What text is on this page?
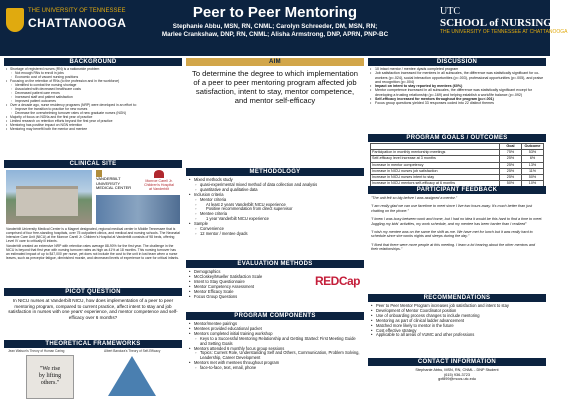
THE UNIVERSITY OF TENNESSEE
CHATTANOOGA
Peer to Peer Mentoring
Stephanie Abbu, MSN, RN, CNML; Carolyn Schreeder, DM, MSN, RN;
Marlee Crankshaw, DNP, RN, CNML; Alisha Armstrong, DNP, APRN, PNP-BC
UTC
SCHOOL of NURSING
THE UNIVERSITY OF TENNESSEE AT CHATTANOOGA
BACKGROUND
• Shortage of registered nurses (RN) is a nationwide problem
◦ Not enough RNs to enroll in jobs
◦ Economic cost of vacant nursing positions
• Focusing on the retention of RNs (to the profession and in the workforce)
◦ Identified to combat the nursing shortage
◦ Associated with decreased healthcare costs
◦ Decreased patient care errors
◦ Increased staff and patient satisfaction
◦ Improved patient outcomes
• Over a decade ago, nurse residency programs (NRP) were developed in an effort to:
◦ Improve the transition to practice for new nurses
◦ Decrease the overwhelming turnover rates of new graduate nurses (NGN)
• Majority of focus on NGNs and the first year of practice
• Limited research on retention efforts beyond the first year of practice
• Mentoring has positive impact on NGN retention
• Mentoring may benefit both the mentor and mentee
CLINICAL SITE

VANDERBILT
UNIVERSITY
MEDICAL CENTER
Monroe Carell Jr.
Children's Hospital
at Vanderbilt

Vanderbilt University Medical Center is a Magnet designated, regional medical center in Middle Tennessee that is comprised of four free-standing hospitals, over 75 outpatient clinics, and medical and nursing schools. The Neonatal Intensive Care Unit (NICU) at the Monroe Carell Jr. Children's Hospital at Vanderbilt consists of 98 beds, offering Level IV care to critically ill infants.

Vanderbilt created an extensive NRP with retention rates average 88-90% for the first year. The challenge in the NICU is beyond that first year with nursing turnover rates as high as 41% at 18 months. This nursing turnover has an estimated impact of up to $47,000 per nurse, yet does not include the cost to the unit in lost team when a nurse leaves, such as preceptor fatigue, diminished morale, and decreased levels of experience to care for critical infants.

PICOT QUESTION
In NICU nurses at Vanderbilt NICU, how does implementation of a peer to peer mentoring program, compared to current practice, affect intent to stay and job satisfaction in nurses with one years' experience, and mentor competence and self-efficacy over 6 months?
THEORETICAL FRAMEWORKS
Jean Watson's Theory of Human Caring	Albert Bandura's Theory of Self-Efficacy
"We rise
by lifting
others."
AIM
To determine the degree to which implementation of a peer to peer mentoring program affected job satisfaction, intent to stay, mentor competence, and mentor self-efficacy
METHODOLOGY
• Mixed methods study
◦ quasi-experimental mixed method of data collection and analysis
◦ quantitative and qualitative data
• Inclusion criteria
◦ Mentor criteria
◦ At least 2 years Vanderbilt NICU experience
◦ Positive recommendation from direct supervisor
◦ Mentee criteria
◦ 1 year Vanderbilt NICU experience
• Sample
◦ Convenience
◦ 12 mentor / mentee dyads
EVALUATION METHODS
REDCap
• Demographics
• McCloskey/Mueller Satisfaction Scale
• Intent to Stay Questionnaire
• Mentor Competency Assessment
• Mentor Efficacy Scale
• Focus Group Questions
PROGRAM COMPONENTS
• Mentor/mentee pairings
• Mentees provided educational packet
• Mentors completed initial training workshop
◦ Keys to a Successful Mentoring Relationship and Getting Started: First Meeting Guide and Setting Goals
• Mentors attended 6 monthly focus group sessions
◦ Topics: Current Role, Understanding Self and Others, Communication, Problem Solving, Leadership, Career Development
• Mentors met with mentees throughout program
◦ face-to-face, text, email, phone
DISCUSSION
• 10 intact mentor / mentee dyads completed program
• Job satisfaction increased for mentees in all subscales, the difference was statistically significant for co-workers (p=.024), social interaction opportunities (p=.003), professional opportunities (p=.005), and praise and recognition (p=.004)
• Impact on intent to stay reported by mentees (60%)
• Mentor competence increased in all subscales, the difference was statistically significant except for developing a trusting relationship (p=.169) and helping establish a work/life balance (p=.092)
• Self-efficacy increased for mentors throughout the program (p=<.001)
• Focus group questions yielded 33 responses coded into 22 distinct themes
PROGRAM GOALS / OUTCOMES
	Goal	Outcome
Participation in monthly mentorship meetings	75%	53%
Self-efficacy level increase at 3 months	25%	6%
Increase in mentor competency	25%	13%
Increase in NICU nurses job satisfaction	25%	11%
Increase in NICU nurses intent to stay	25%	50%
Increase in NICU mentors self-efficacy at 6 months	50%	10%
PARTICIPANT FEEDBACK

"The unit felt so big before I was assigned a mentor."

"I am really glad we can use facetime to meet since I live two hours away. It's much better than just chatting on the phone."

"I knew I was busy between work and home, but I had no idea it would be this hard to find a time to meet. Juggling my kids' activities, my work schedule, and my mentee has been harder than I realized"

"I wish my mentee was on the same the shift as me. We have met for lunch but it was really hard to schedule since she works nights and sleeps during the day."

"I liked that there were more people at this meeting. I learn a lot hearing about the other mentors and their relationships."

RECOMMENDATIONS
• Peer to Peer Mentor Program increases job satisfaction and intent to stay
• Development of Mentor Coordinator position
• Use of onboarding process changes to include mentoring
• Mentoring as part of clinical ladder advancement
• Matched more likely to mentor in the future
• Cost effective strategy
• Applicable to all areas of VUMC and other professions
CONTACT INFORMATION
Stephanie Abbu, MSN, RN, CNML - DNP Student
(615) 936-3723
gxf899@mocs.utc.edu
